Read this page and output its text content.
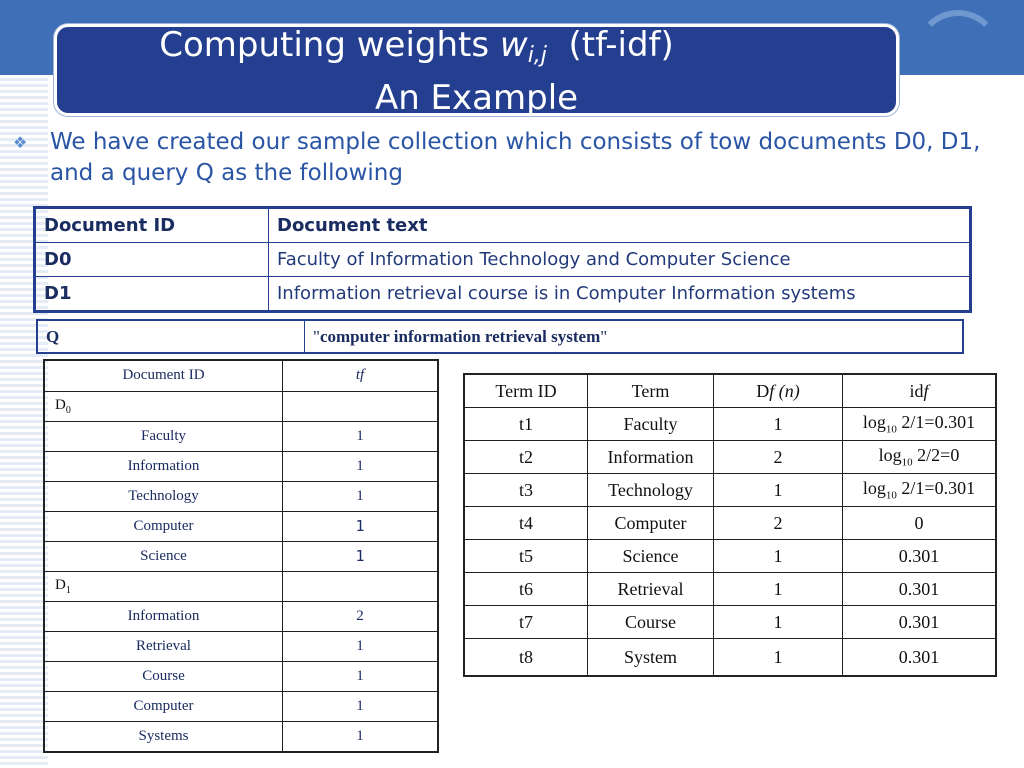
Computing weights $w_{i,j}$ (tf-idf)
An Example
❖ We have created our sample collection which consists of tow documents D0, D1, and a query Q as the following
Document ID	Document text
D0	Faculty of Information Technology and Computer Science
D1	Information retrieval course is in Computer Information systems
Q	"computer information retrieval system"
Document ID	tf
$D_0$	
Faculty	1
Information	1
Technology	1
Computer	1
Science	1
$D_1$	
Information	2
Retrieval	1
Course	1
Computer	1
Systems	1
Term ID	Term	Df (n)	idf
t1	Faculty	1	$\log_{10} 2/1=0.301$
t2	Information	2	$\log_{10} 2/2=0$
t3	Technology	1	$\log_{10} 2/1=0.301$
t4	Computer	2	0
t5	Science	1	0.301
t6	Retrieval	1	0.301
t7	Course	1	0.301
t8	System	1	0.301
